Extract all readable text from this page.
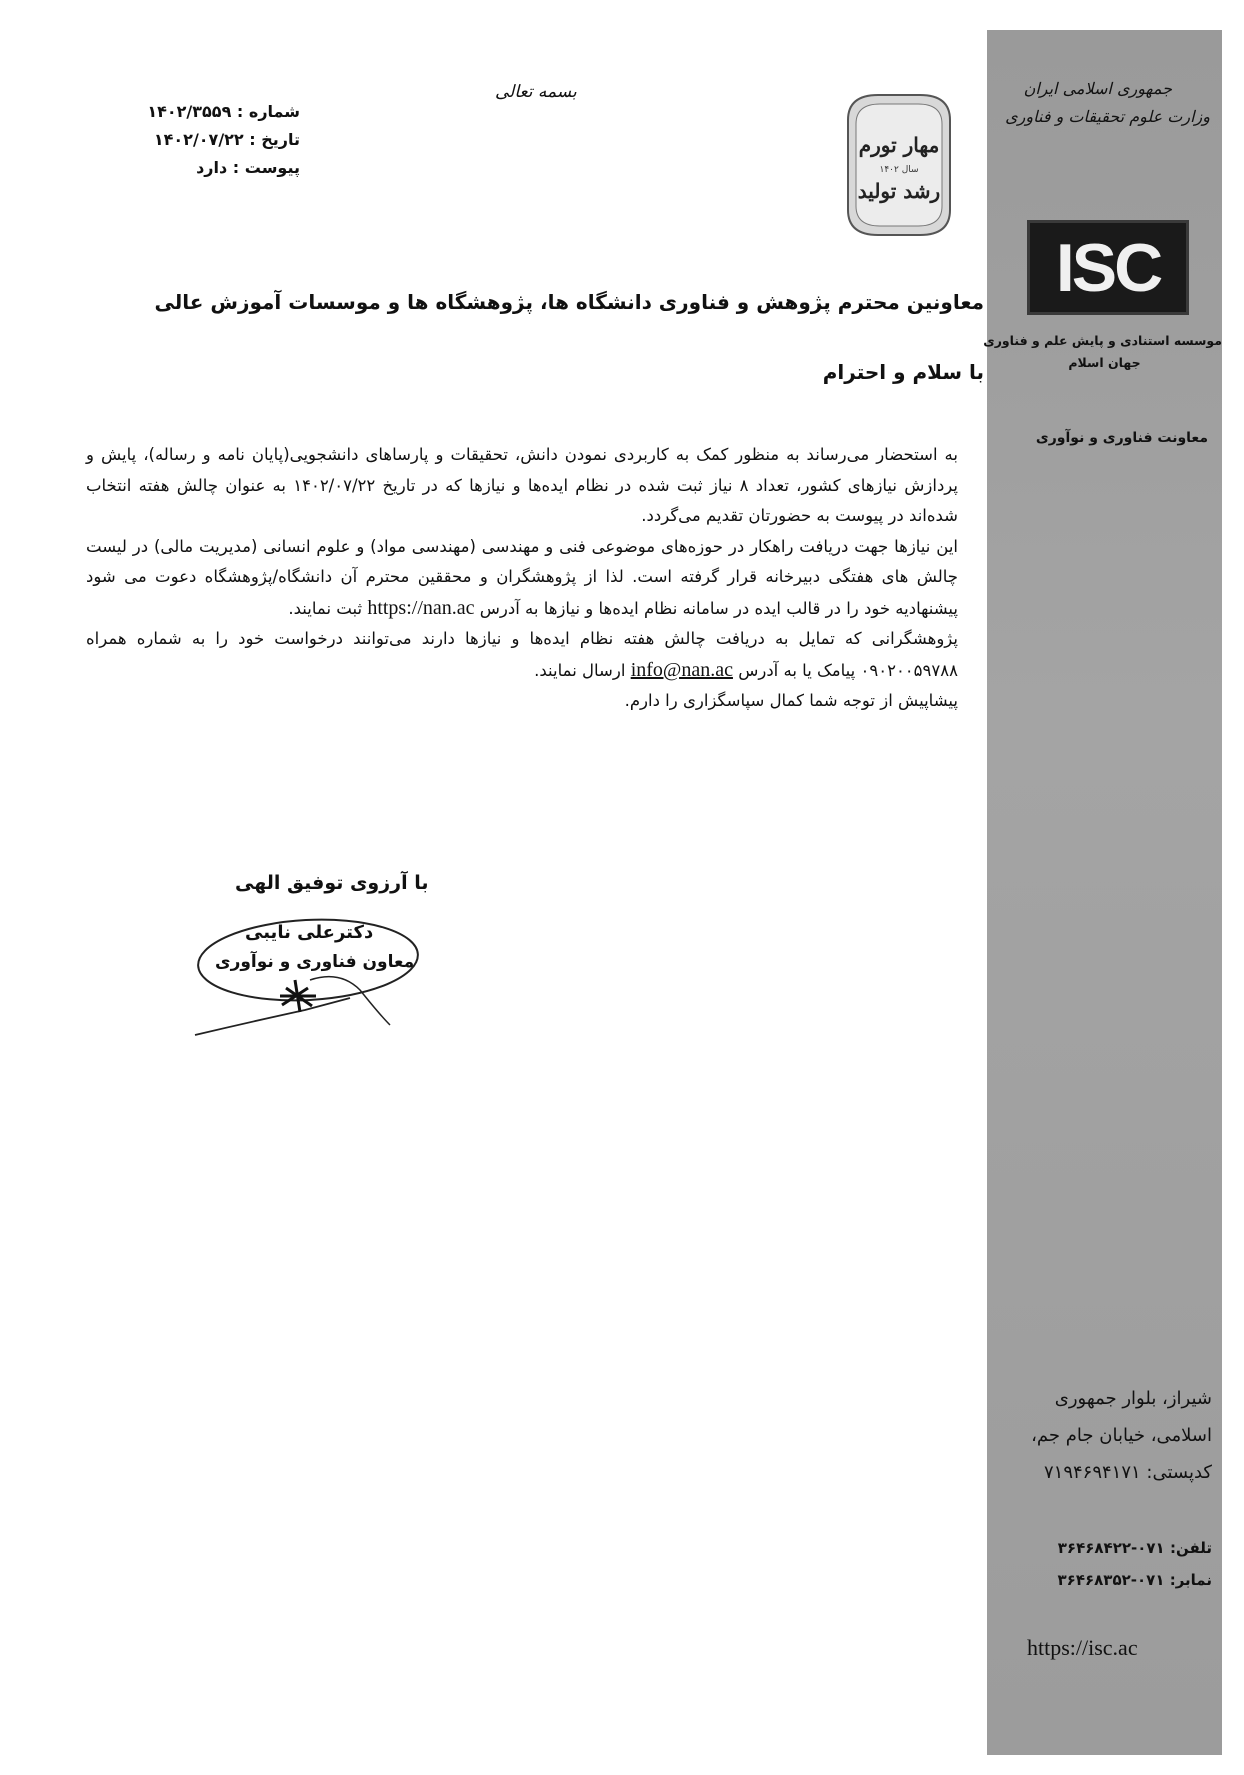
جمهوری اسلامی ایران
وزارت علوم تحقیقات و فناوری
ISC
موسسه استنادی و پایش علم و فناوری
جهان اسلام
معاونت فناوری و نوآوری
شیراز، بلوار جمهوری
اسلامی، خیابان جام جم،
کدپستی: ۷۱۹۴۶۹۴۱۷۱
تلفن: ۰۷۱-۳۶۴۶۸۴۲۲
نمابر: ۰۷۱-۳۶۴۶۸۳۵۲
https://isc.ac
شماره : ۱۴۰۲/۳۵۵۹
تاریخ : ۱۴۰۲/۰۷/۲۲
پیوست : دارد
بسمه تعالی
مهار تورم
سال ۱۴۰۲
رشد تولید
معاونین محترم پژوهش و فناوری دانشگاه ها، پژوهشگاه ها و موسسات آموزش عالی
با سلام و احترام

به استحضار می‌رساند به منظور کمک به کاربردی نمودن دانش، تحقیقات و پارساهای دانشجویی(پایان نامه و رساله)، پایش و پردازش نیازهای کشور، تعداد ۸ نیاز ثبت شده در نظام ایده‌ها و نیازها که در تاریخ ۱۴۰۲/۰۷/۲۲ به عنوان چالش هفته انتخاب شده‌اند در پیوست به حضورتان تقدیم می‌گردد.

این نیازها جهت دریافت راهکار در حوزه‌های موضوعی فنی و مهندسی (مهندسی مواد) و علوم انسانی (مدیریت مالی) در لیست چالش های هفتگی دبیرخانه قرار گرفته است. لذا از پژوهشگران و محققین محترم آن دانشگاه/پژوهشگاه دعوت می شود پیشنهادیه خود را در قالب ایده در سامانه نظام ایده‌ها و نیازها به آدرس https://nan.ac ثبت نمایند.

پژوهشگرانی که تمایل به دریافت چالش هفته نظام ایده‌ها و نیازها دارند می‌توانند درخواست خود را به شماره همراه ۰۹۰۲۰۰۵۹۷۸۸ پیامک یا به آدرس info@nan.ac ارسال نمایند.

پیشاپیش از توجه شما کمال سپاسگزاری را دارم.

با آرزوی توفیق الهی
دکترعلی نایبی
معاون فناوری و نوآوری
